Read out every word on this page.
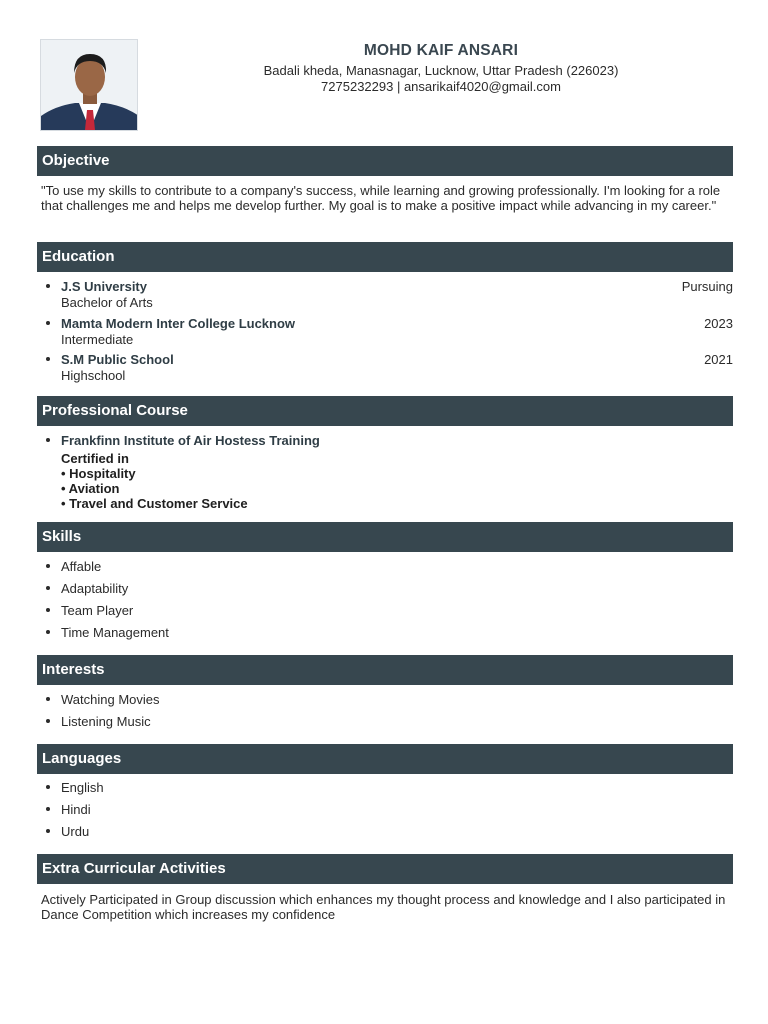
MOHD KAIF ANSARI
Badali kheda, Manasnagar, Lucknow, Uttar Pradesh (226023)
7275232293 | ansarikaif4020@gmail.com
Objective
"To use my skills to contribute to a company's success, while learning and growing professionally. I'm looking for a role that challenges me and helps me develop further. My goal is to make a positive impact while advancing in my career."
Education
J.S University
Bachelor of Arts
Pursuing
Mamta Modern Inter College Lucknow
Intermediate
2023
S.M Public School
Highschool
2021
Professional Course
Frankfinn Institute of Air Hostess Training
Certified in
• Hospitality
• Aviation
• Travel and Customer Service
Skills
Affable
Adaptability
Team Player
Time Management
Interests
Watching Movies
Listening Music
Languages
English
Hindi
Urdu
Extra Curricular Activities
Actively Participated in Group discussion which enhances my thought process and knowledge and I also participated in Dance Competition which increases my confidence
